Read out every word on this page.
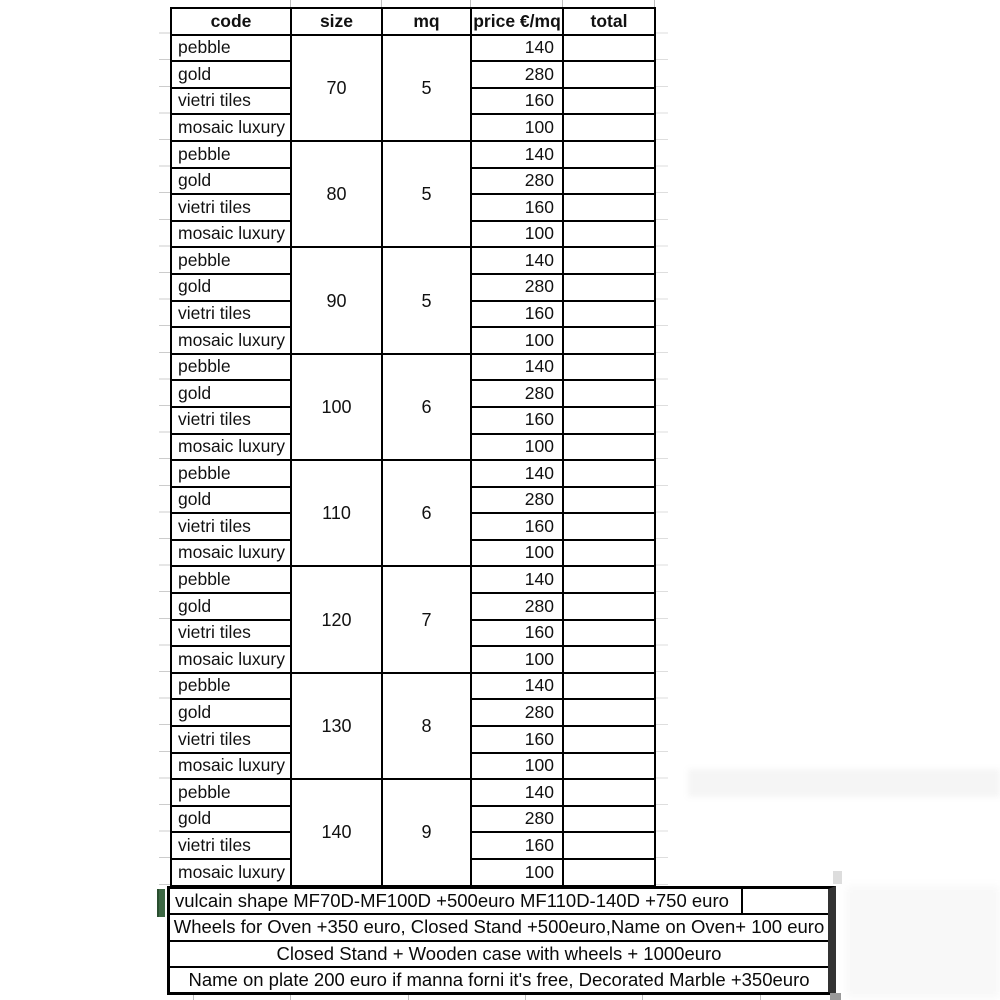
code	size	mq	price €/mq	total
pebble	70	5	140	
gold			280	
vietri tiles			160	
mosaic luxury			100	
pebble	80	5	140	
gold			280	
vietri tiles			160	
mosaic luxury			100	
pebble	90	5	140	
gold			280	
vietri tiles			160	
mosaic luxury			100	
pebble	100	6	140	
gold			280	
vietri tiles			160	
mosaic luxury			100	
pebble	110	6	140	
gold			280	
vietri tiles			160	
mosaic luxury			100	
pebble	120	7	140	
gold			280	
vietri tiles			160	
mosaic luxury			100	
pebble	130	8	140	
gold			280	
vietri tiles			160	
mosaic luxury			100	
pebble	140	9	140	
gold			280	
vietri tiles			160	
mosaic luxury			100	
vulcain shape MF70D-MF100D +500euro MF110D-140D +750 euro
Wheels for Oven +350 euro, Closed Stand +500euro,Name on Oven+ 100 euro
Closed Stand + Wooden case with wheels + 1000euro
Name on plate 200 euro if manna forni it's free, Decorated Marble +350euro
